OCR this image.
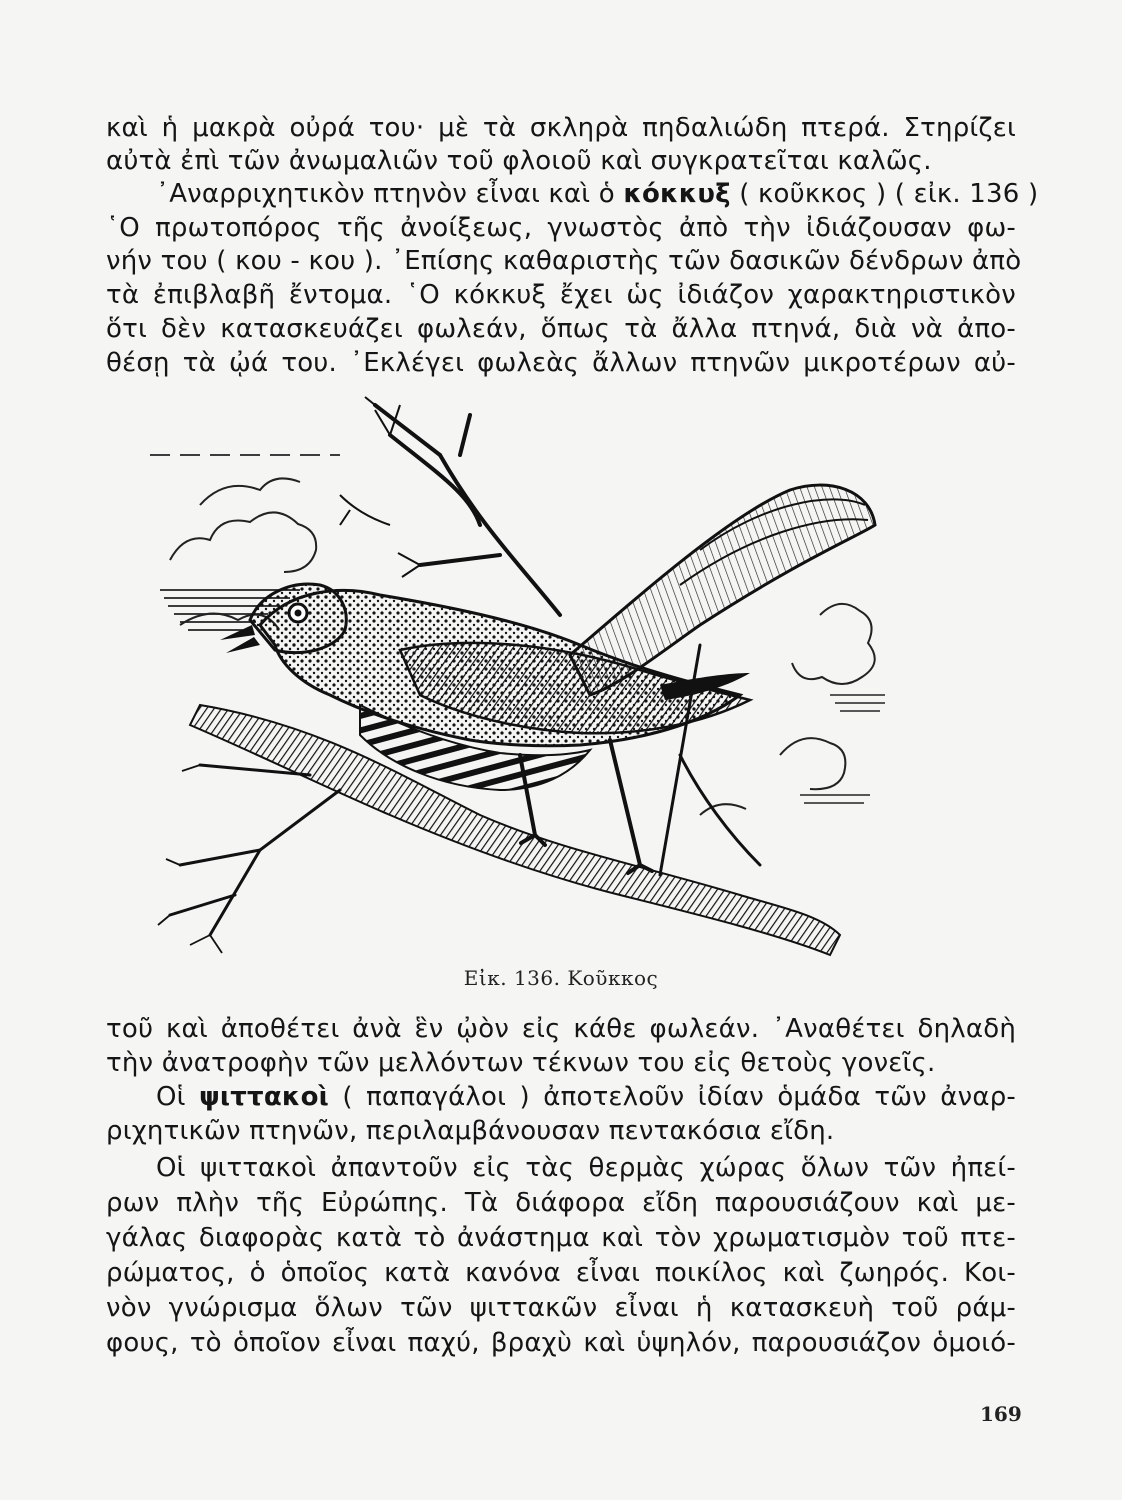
καὶ ἡ μακρὰ οὐρά του· μὲ τὰ σκληρὰ πηδαλιώδη πτερά. Στηρίζει
αὐτὰ ἐπὶ τῶν ἀνωμαλιῶν τοῦ φλοιοῦ καὶ συγκρατεῖται καλῶς.
᾿Αναρριχητικὸν πτηνὸν εἶναι καὶ ὁ κόκκυξ ( κοῦκκος ) ( εἰκ. 136 )
῾Ο πρωτοπόρος τῆς ἀνοίξεως, γνωστὸς ἀπὸ τὴν ἰδιάζουσαν φω-
νήν του ( κου - κου ). ᾿Επίσης καθαριστὴς τῶν δασικῶν δένδρων ἀπὸ
τὰ ἐπιβλαβῆ ἔντομα. ῾Ο κόκκυξ ἔχει ὡς ἰδιάζον χαρακτηριστικὸν
ὅτι δὲν κατασκευάζει φωλεάν, ὅπως τὰ ἄλλα πτηνά, διὰ νὰ ἀπο-
θέσῃ τὰ ᾠά του. ᾿Εκλέγει φωλεὰς ἄλλων πτηνῶν μικροτέρων αὐ-
Εἰκ. 136. Κοῦκκος
τοῦ καὶ ἀποθέτει ἀνὰ ἓν ᾠὸν εἰς κάθε φωλεάν. ᾿Αναθέτει δηλαδὴ
τὴν ἀνατροφὴν τῶν μελλόντων τέκνων του εἰς θετοὺς γονεῖς.
Οἱ ψιττακοὶ ( παπαγάλοι ) ἀποτελοῦν ἰδίαν ὁμάδα τῶν ἀναρ-
ριχητικῶν πτηνῶν, περιλαμβάνουσαν πεντακόσια εἴδη.
Οἱ ψιττακοὶ ἀπαντοῦν εἰς τὰς θερμὰς χώρας ὅλων τῶν ἠπεί-
ρων πλὴν τῆς Εὐρώπης. Τὰ διάφορα εἴδη παρουσιάζουν καὶ με-
γάλας διαφορὰς κατὰ τὸ ἀνάστημα καὶ τὸν χρωματισμὸν τοῦ πτε-
ρώματος, ὁ ὁποῖος κατὰ κανόνα εἶναι ποικίλος καὶ ζωηρός. Κοι-
νὸν γνώρισμα ὅλων τῶν ψιττακῶν εἶναι ἡ κατασκευὴ τοῦ ράμ-
φους, τὸ ὁποῖον εἶναι παχύ, βραχὺ καὶ ὑψηλόν, παρουσιάζον ὁμοιό-
169
